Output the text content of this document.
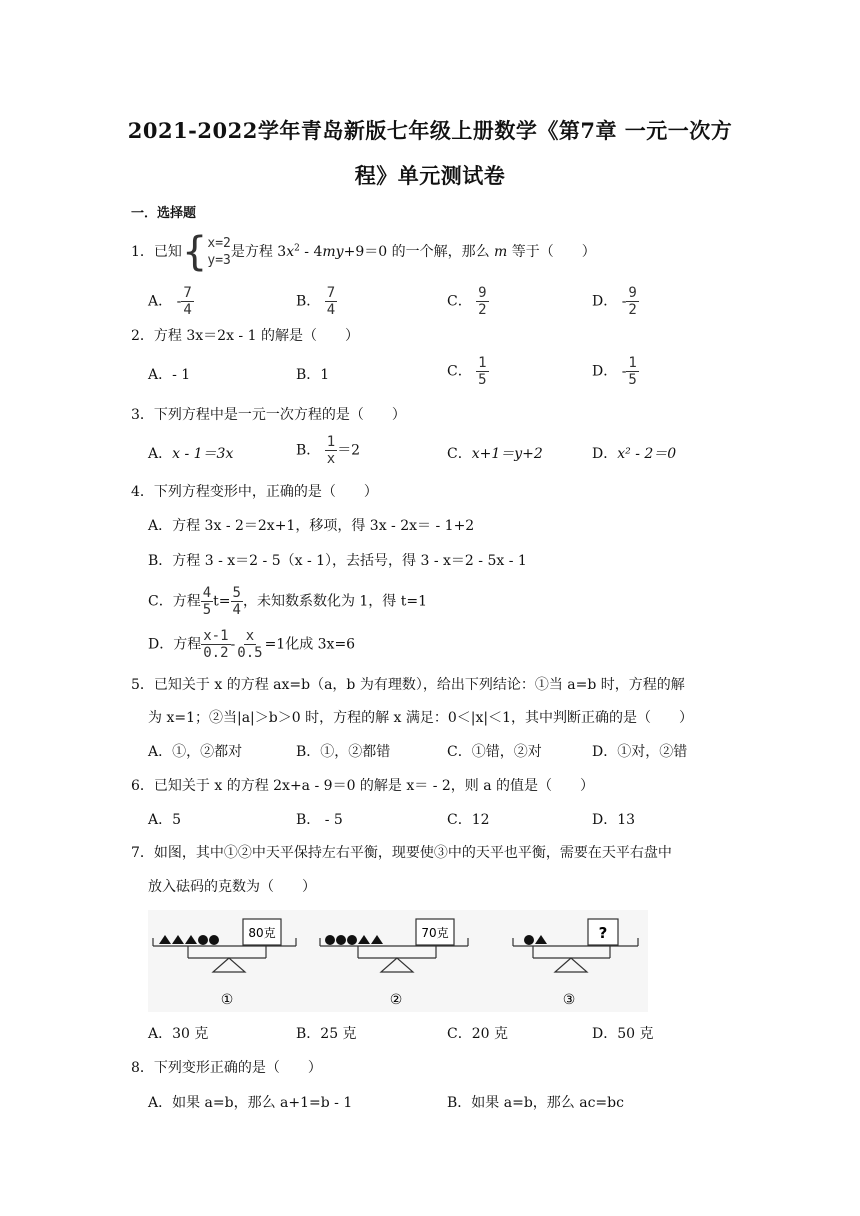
2021-2022学年青岛新版七年级上册数学《第7章 一元一次方
程》单元测试卷
一．选择题
1．已知 { x=2
y=3
是方程 $3x^2 - 4my+9=0$ 的一个解，那么 m 等于（　　）
A． - $\frac{7}{4}$	B． $\frac{7}{4}$	C． $\frac{9}{2}$	D． - $\frac{9}{2}$
2．方程 3x＝2x - 1 的解是（　　）
A．- 1	B．1	C． $\frac{1}{5}$	D． - $\frac{1}{5}$
3．下列方程中是一元一次方程的是（　　）
A．x - 1＝3x	B． $\frac{1}{x} =2$	C．x+1＝y+2	D．x² - 2＝0
4．下列方程变形中，正确的是（　　）
A．方程 3x - 2＝2x+1，移项，得 3x - 2x＝ - 1+2
B．方程 3 - x＝2 - 5（x - 1），去括号，得 3 - x＝2 - 5x - 1
C．方程 $\frac{4}{5} t= \frac{5}{4}$ ，未知数系数化为 1，得 t=1
D．方程 $\frac{x-1}{0.2} - \frac{x}{0.5} =1$化成 3x=6
5．已知关于 x 的方程 ax=b（a，b 为有理数），给出下列结论：①当 a=b 时，方程的解
为 x=1；②当|a|＞b＞0 时，方程的解 x 满足：0＜|x|＜1，其中判断正确的是（　　）
A．①，②都对	B．①，②都错	C．①错，②对	D．①对，②错
6．已知关于 x 的方程 2x+a - 9＝0 的解是 x＝ - 2，则 a 的值是（　　）
A．5	B． - 5	C．12	D．13
7．如图，其中①②中天平保持左右平衡，现要使③中的天平也平衡，需要在天平右盘中
放入砝码的克数为（　　）
80克
①
70克
②
?
③
A．30 克	B．25 克	C．20 克	D．50 克
8．下列变形正确的是（　　）
A．如果 a=b，那么 a+1=b - 1	B．如果 a=b，那么 ac=bc
